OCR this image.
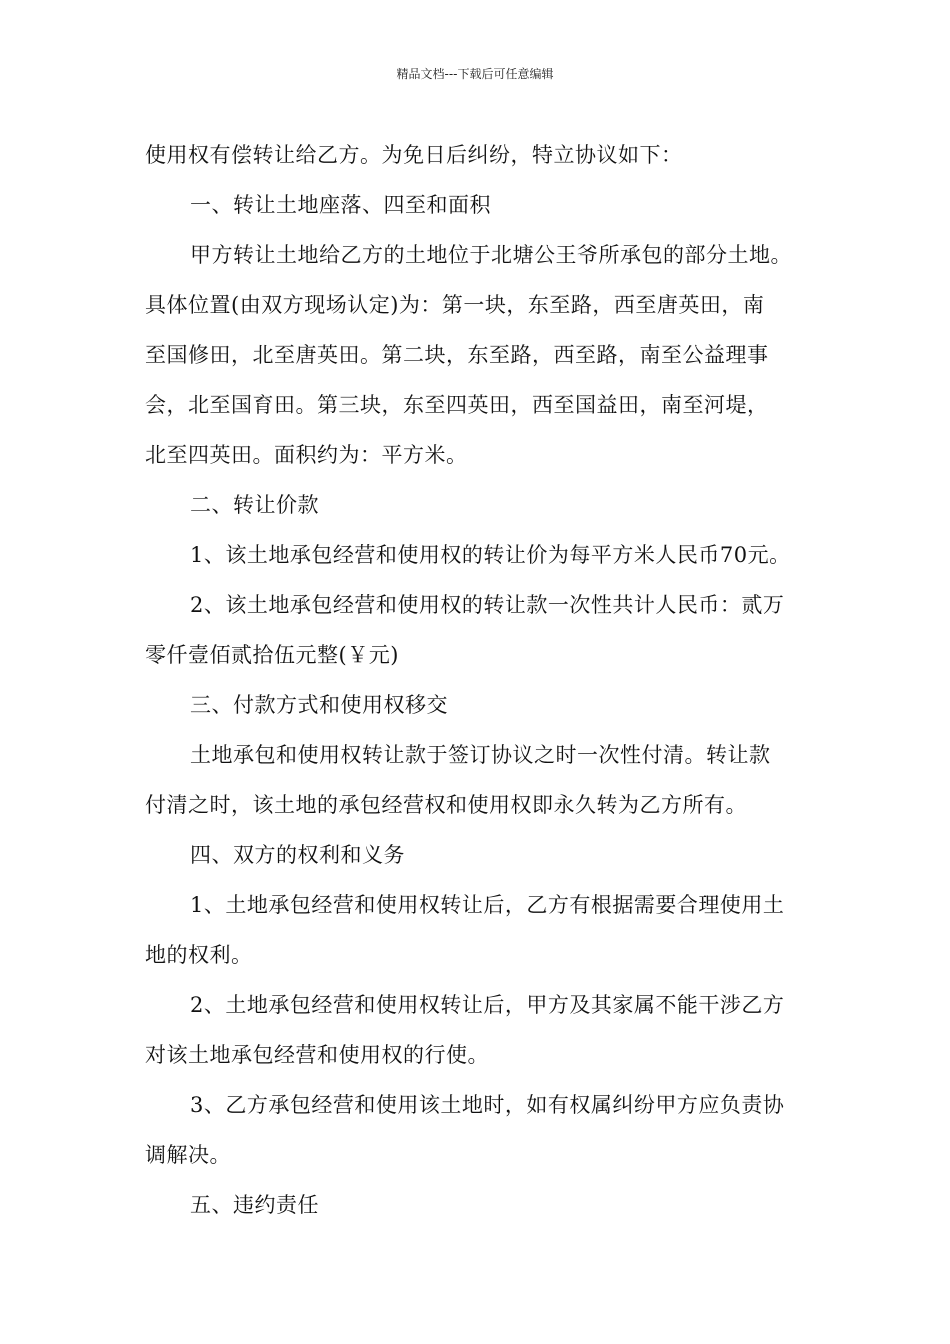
精品文档---下载后可任意编辑
使用权有偿转让给乙方。为免日后纠纷，特立协议如下：
一、转让土地座落、四至和面积
甲方转让土地给乙方的土地位于北塘公王爷所承包的部分土地。
具体位置(由双方现场认定)为：第一块，东至路，西至唐英田，南
至国修田，北至唐英田。第二块，东至路，西至路，南至公益理事
会，北至国育田。第三块，东至四英田，西至国益田，南至河堤，
北至四英田。面积约为：平方米。
二、转让价款
1、该土地承包经营和使用权的转让价为每平方米人民币70元。
2、该土地承包经营和使用权的转让款一次性共计人民币：贰万
零仟壹佰贰拾伍元整(￥元)
三、付款方式和使用权移交
土地承包和使用权转让款于签订协议之时一次性付清。转让款
付清之时，该土地的承包经营权和使用权即永久转为乙方所有。
四、双方的权利和义务
1、土地承包经营和使用权转让后，乙方有根据需要合理使用土
地的权利。
2、土地承包经营和使用权转让后，甲方及其家属不能干涉乙方
对该土地承包经营和使用权的行使。
3、乙方承包经营和使用该土地时，如有权属纠纷甲方应负责协
调解决。
五、违约责任
